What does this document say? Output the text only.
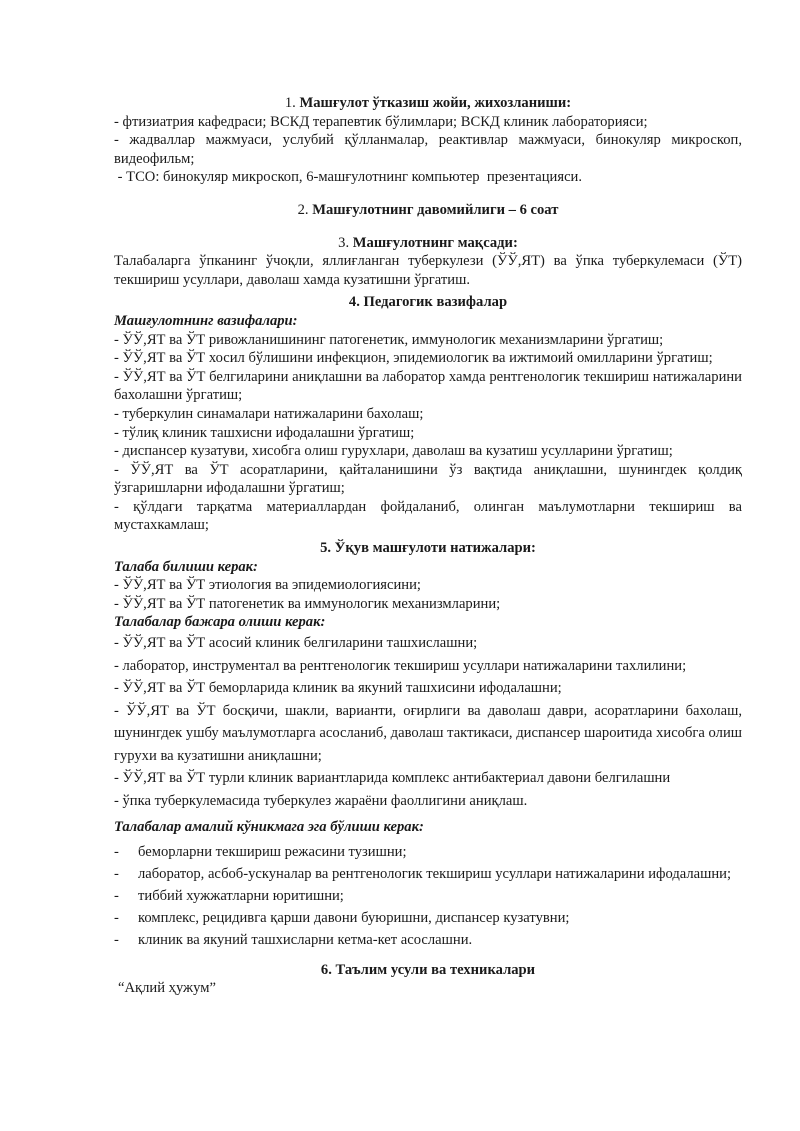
1. Машғулот ўтказиш жойи, жихозланиши:

- фтизиатрия кафедраси; ВСКД терапевтик бўлимлари; ВСКД клиник лабораторияси;

- жадваллар мажмуаси, услубий қўлланмалар, реактивлар мажмуаси, бинокуляр микроскоп, видеофильм;

- ТСО: бинокуляр микроскоп, 6-машғулотнинг компьютер  презентацияси.

2. Машғулотнинг давомийлиги – 6 соат

3. Машғулотнинг мақсади:

Талабаларга ўпканинг ўчоқли, яллиғланган туберкулези (ЎЎ,ЯТ) ва ўпка туберкулемаси (ЎТ) текшириш усуллари, даволаш хамда кузатишни ўргатиш.

4. Педагогик вазифалар

Машғулотнинг вазифалари:

- ЎЎ,ЯТ ва ЎТ ривожланишининг патогенетик, иммунологик механизмларини ўргатиш;

- ЎЎ,ЯТ ва ЎТ хосил бўлишини инфекцион, эпидемиологик ва ижтимоий омилларини ўргатиш;

- ЎЎ,ЯТ ва ЎТ белгиларини аниқлашни ва лаборатор хамда рентгенологик текшириш натижаларини бахолашни ўргатиш;

- туберкулин синамалари натижаларини бахолаш;

- тўлиқ клиник ташхисни ифодалашни ўргатиш;

- диспансер кузатуви, хисобга олиш гурухлари, даволаш ва кузатиш усулларини ўргатиш;

- ЎЎ,ЯТ ва ЎТ асоратларини, қайталанишини ўз вақтида аниқлашни, шунингдек қолдиқ ўзгаришларни ифодалашни ўргатиш;

- қўлдаги тарқатма материаллардан фойдаланиб, олинган маълумотларни текшириш ва мустахкамлаш;

5. Ўқув машғулоти натижалари:

Талаба билиши керак:

- ЎЎ,ЯТ ва ЎТ этиология ва эпидемиологиясини;

- ЎЎ,ЯТ ва ЎТ патогенетик ва иммунологик механизмларини;

Талабалар бажара олиши керак:

- ЎЎ,ЯТ ва ЎТ асосий клиник белгиларини ташхислашни;

- лаборатор, инструментал ва рентгенологик текшириш усуллари натижаларини тахлилини;

- ЎЎ,ЯТ ва ЎТ беморларида клиник ва якуний ташхисини ифодалашни;

- ЎЎ,ЯТ ва ЎТ босқичи, шакли, варианти, оғирлиги ва даволаш даври, асоратларини бахолаш, шунингдек ушбу маълумотларга асосланиб, даволаш тактикаси, диспансер шароитида хисобга олиш гурухи ва кузатишни аниқлашни;

- ЎЎ,ЯТ ва ЎТ турли клиник вариантларида комплекс антибактериал давони белгилашни

- ўпка туберкулемасида туберкулез жараёни фаоллигини аниқлаш.

Талабалар амалий кўникмага эга бўлиши керак:

-	беморларни текшириш режасини тузишни;
-	лаборатор, асбоб-ускуналар ва рентгенологик текшириш усуллари натижаларини ифодалашни;
-	тиббий хужжатларни юритишни;
-	комплекс, рецидивга қарши давони буюришни, диспансер кузатувни;
-	клиник ва якуний ташхисларни кетма-кет асослашни.

6. Таълим усули ва техникалари

“Ақлий ҳужум”
